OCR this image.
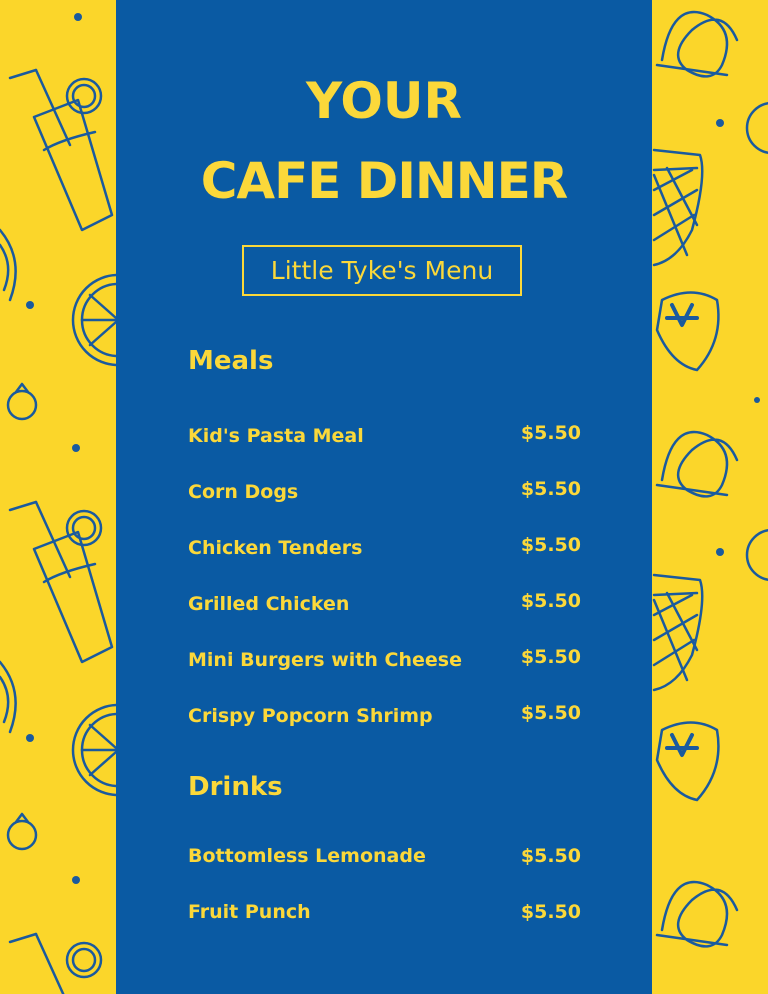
YOUR
CAFE DINNER
Little Tyke's Menu
Meals
Kid's Pasta Meal	$5.50
Corn Dogs	$5.50
Chicken Tenders	$5.50
Grilled Chicken	$5.50
Mini Burgers with Cheese	$5.50
Crispy Popcorn Shrimp	$5.50
Drinks
Bottomless Lemonade	$5.50
Fruit Punch	$5.50
